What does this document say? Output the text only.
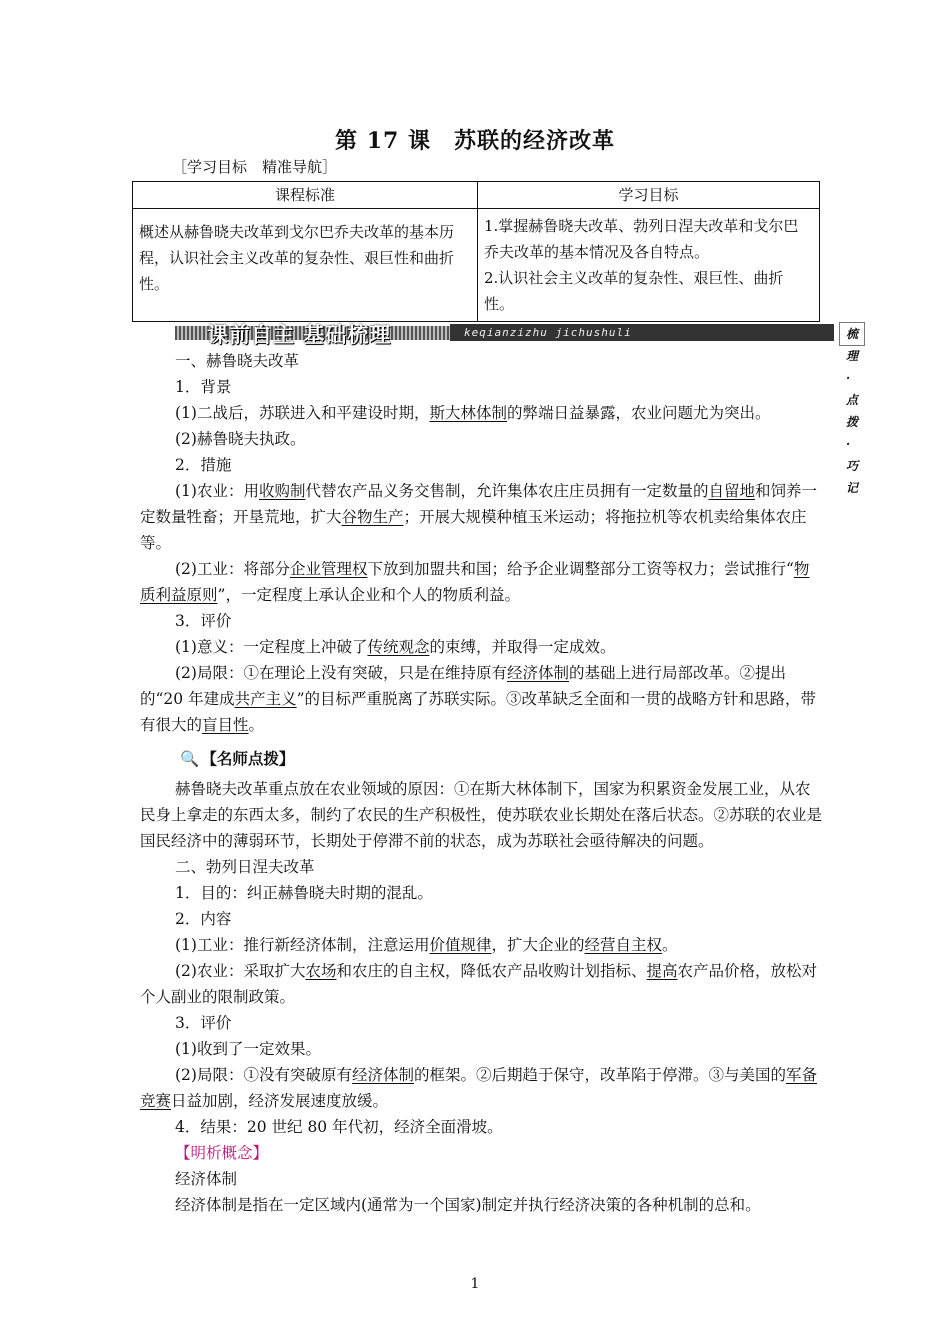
第 17 课　苏联的经济改革
［学习目标　精准导航］
课程标准	学习目标
概述从赫鲁晓夫改革到戈尔巴乔夫改革的基本历程，认识社会主义改革的复杂性、艰巨性和曲折性。	1.掌握赫鲁晓夫改革、勃列日涅夫改革和戈尔巴乔夫改革的基本情况及各自特点。
2.认识社会主义改革的复杂性、艰巨性、曲折性。
keqianzizhu jichushuli
课前自主 基础梳理	梳理·点拨·巧记

一、赫鲁晓夫改革

1．背景

(1)二战后，苏联进入和平建设时期，斯大林体制的弊端日益暴露，农业问题尤为突出。

(2)赫鲁晓夫执政。

2．措施

(1)农业：用收购制代替农产品义务交售制，允许集体农庄庄员拥有一定数量的自留地和饲养一定数量牲畜；开垦荒地，扩大谷物生产；开展大规模种植玉米运动；将拖拉机等农机卖给集体农庄等。

(2)工业：将部分企业管理权下放到加盟共和国；给予企业调整部分工资等权力；尝试推行“物质利益原则”，一定程度上承认企业和个人的物质利益。

3．评价

(1)意义：一定程度上冲破了传统观念的束缚，并取得一定成效。

(2)局限：①在理论上没有突破，只是在维持原有经济体制的基础上进行局部改革。②提出的“20 年建成共产主义”的目标严重脱离了苏联实际。③改革缺乏全面和一贯的战略方针和思路，带有很大的盲目性。

🔍 【名师点拨】

赫鲁晓夫改革重点放在农业领域的原因：①在斯大林体制下，国家为积累资金发展工业，从农民身上拿走的东西太多，制约了农民的生产积极性，使苏联农业长期处在落后状态。②苏联的农业是国民经济中的薄弱环节，长期处于停滞不前的状态，成为苏联社会亟待解决的问题。

二、勃列日涅夫改革

1．目的：纠正赫鲁晓夫时期的混乱。

2．内容

(1)工业：推行新经济体制，注意运用价值规律，扩大企业的经营自主权。

(2)农业：采取扩大农场和农庄的自主权，降低农产品收购计划指标、提高农产品价格，放松对个人副业的限制政策。

3．评价

(1)收到了一定效果。

(2)局限：①没有突破原有经济体制的框架。②后期趋于保守，改革陷于停滞。③与美国的军备竞赛日益加剧，经济发展速度放缓。

4．结果：20 世纪 80 年代初，经济全面滑坡。

【明析概念】

经济体制

经济体制是指在一定区域内(通常为一个国家)制定并执行经济决策的各种机制的总和。

1
